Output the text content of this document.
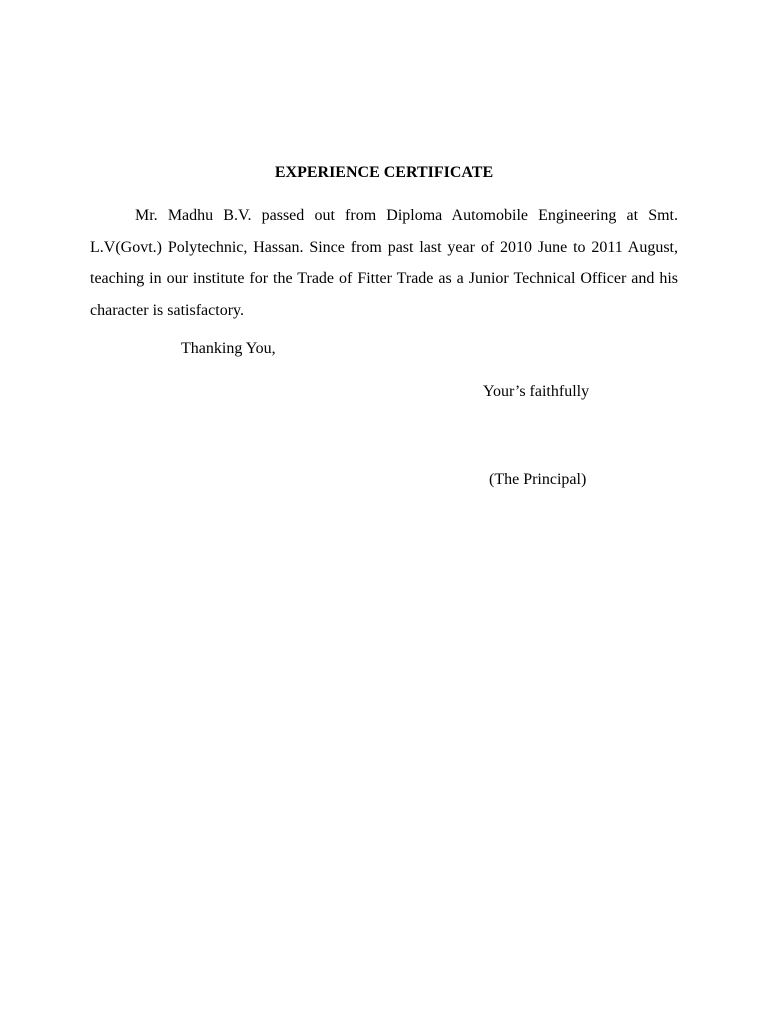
EXPERIENCE CERTIFICATE

Mr. Madhu B.V. passed out from Diploma Automobile Engineering at Smt. L.V(Govt.) Polytechnic, Hassan. Since from past last year of 2010 June to 2011 August, teaching in our institute for the Trade of Fitter Trade as a Junior Technical Officer and his character is satisfactory.

Thanking You,

Your’s faithfully

(The Principal)
